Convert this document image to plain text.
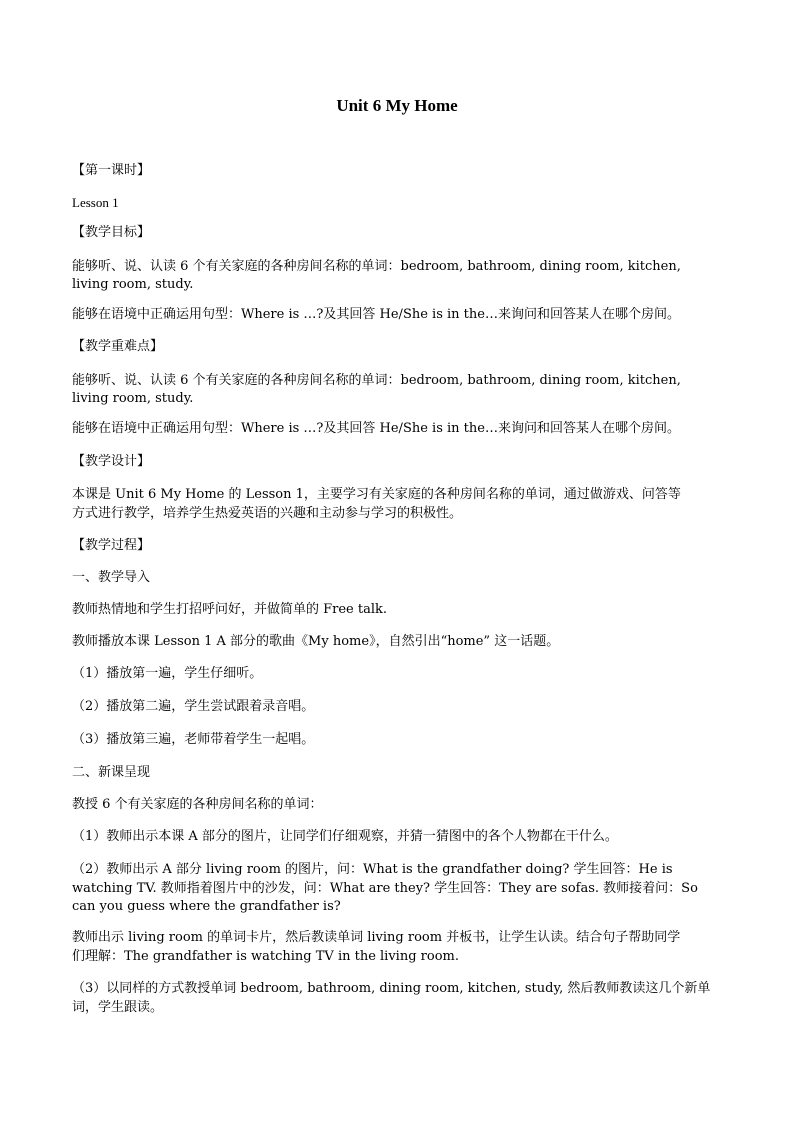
Unit 6 My Home
【第一课时】
Lesson 1
【教学目标】
能够听、说、认读 6 个有关家庭的各种房间名称的单词：bedroom, bathroom, dining room, kitchen,
living room, study.
能够在语境中正确运用句型：Where is …?及其回答 He/She is in the…来询问和回答某人在哪个房间。
【教学重难点】
能够听、说、认读 6 个有关家庭的各种房间名称的单词：bedroom, bathroom, dining room, kitchen,
living room, study.
能够在语境中正确运用句型：Where is …?及其回答 He/She is in the…来询问和回答某人在哪个房间。
【教学设计】
本课是 Unit 6 My Home 的 Lesson 1，主要学习有关家庭的各种房间名称的单词，通过做游戏、问答等
方式进行教学，培养学生热爱英语的兴趣和主动参与学习的积极性。
【教学过程】
一、教学导入
教师热情地和学生打招呼问好，并做简单的 Free talk.
教师播放本课 Lesson 1 A 部分的歌曲《My home》，自然引出“home” 这一话题。
（1）播放第一遍，学生仔细听。
（2）播放第二遍，学生尝试跟着录音唱。
（3）播放第三遍，老师带着学生一起唱。
二、新课呈现
教授 6 个有关家庭的各种房间名称的单词：
（1）教师出示本课 A 部分的图片，让同学们仔细观察，并猜一猜图中的各个人物都在干什么。
（2）教师出示 A 部分 living room 的图片，问：What is the grandfather doing? 学生回答：He is
watching TV. 教师指着图片中的沙发，问：What are they? 学生回答：They are sofas. 教师接着问：So
can you guess where the grandfather is?
教师出示 living room 的单词卡片，然后教读单词 living room 并板书，让学生认读。结合句子帮助同学
们理解：The grandfather is watching TV in the living room.
（3）以同样的方式教授单词 bedroom, bathroom, dining room, kitchen, study, 然后教师教读这几个新单
词，学生跟读。
